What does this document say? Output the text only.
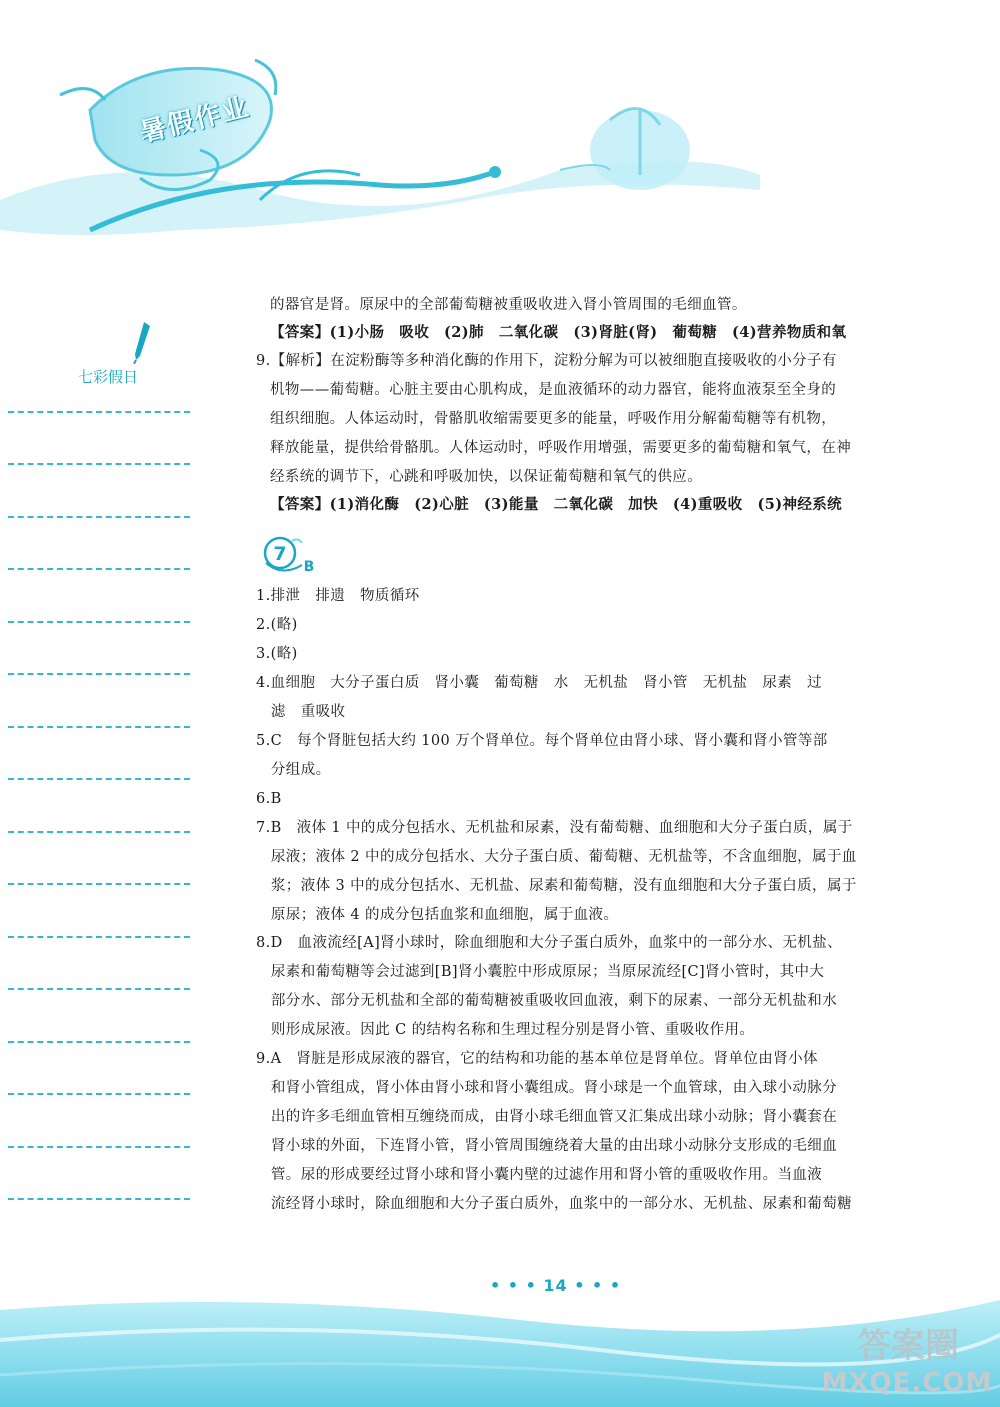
暑假作业
七彩假日
的器官是肾。原尿中的全部葡萄糖被重吸收进入肾小管周围的毛细血管。
【答案】(1)小肠　吸收　(2)肺　二氧化碳　(3)肾脏(肾)　葡萄糖　(4)营养物质和氧
9.【解析】在淀粉酶等多种消化酶的作用下，淀粉分解为可以被细胞直接吸收的小分子有
机物——葡萄糖。心脏主要由心肌构成，是血液循环的动力器官，能将血液泵至全身的
组织细胞。人体运动时，骨骼肌收缩需要更多的能量，呼吸作用分解葡萄糖等有机物，
释放能量，提供给骨骼肌。人体运动时，呼吸作用增强，需要更多的葡萄糖和氧气，在神
经系统的调节下，心跳和呼吸加快，以保证葡萄糖和氧气的供应。
【答案】(1)消化酶　(2)心脏　(3)能量　二氧化碳　加快　(4)重吸收　(5)神经系统
1.排泄　排遗　物质循环
2.(略)
3.(略)
4.血细胞　大分子蛋白质　肾小囊　葡萄糖　水　无机盐　肾小管　无机盐　尿素　过
　滤　重吸收
5.C　每个肾脏包括大约 100 万个肾单位。每个肾单位由肾小球、肾小囊和肾小管等部
　分组成。
6.B
7.B　液体 1 中的成分包括水、无机盐和尿素，没有葡萄糖、血细胞和大分子蛋白质，属于
　尿液；液体 2 中的成分包括水、大分子蛋白质、葡萄糖、无机盐等，不含血细胞，属于血
　浆；液体 3 中的成分包括水、无机盐、尿素和葡萄糖，没有血细胞和大分子蛋白质，属于
　原尿；液体 4 的成分包括血浆和血细胞，属于血液。
8.D　血液流经[A]肾小球时，除血细胞和大分子蛋白质外，血浆中的一部分水、无机盐、
　尿素和葡萄糖等会过滤到[B]肾小囊腔中形成原尿；当原尿流经[C]肾小管时，其中大
　部分水、部分无机盐和全部的葡萄糖被重吸收回血液，剩下的尿素、一部分无机盐和水
　则形成尿液。因此 C 的结构名称和生理过程分别是肾小管、重吸收作用。
9.A　肾脏是形成尿液的器官，它的结构和功能的基本单位是肾单位。肾单位由肾小体
　和肾小管组成，肾小体由肾小球和肾小囊组成。肾小球是一个血管球，由入球小动脉分
　出的许多毛细血管相互缠绕而成，由肾小球毛细血管又汇集成出球小动脉；肾小囊套在
　肾小球的外面，下连肾小管，肾小管周围缠绕着大量的由出球小动脉分支形成的毛细血
　管。尿的形成要经过肾小球和肾小囊内壁的过滤作用和肾小管的重吸收作用。当血液
　流经肾小球时，除血细胞和大分子蛋白质外，血浆中的一部分水、无机盐、尿素和葡萄糖
7
B
• • • 14 • • •
答案圈
MXQE.COM
